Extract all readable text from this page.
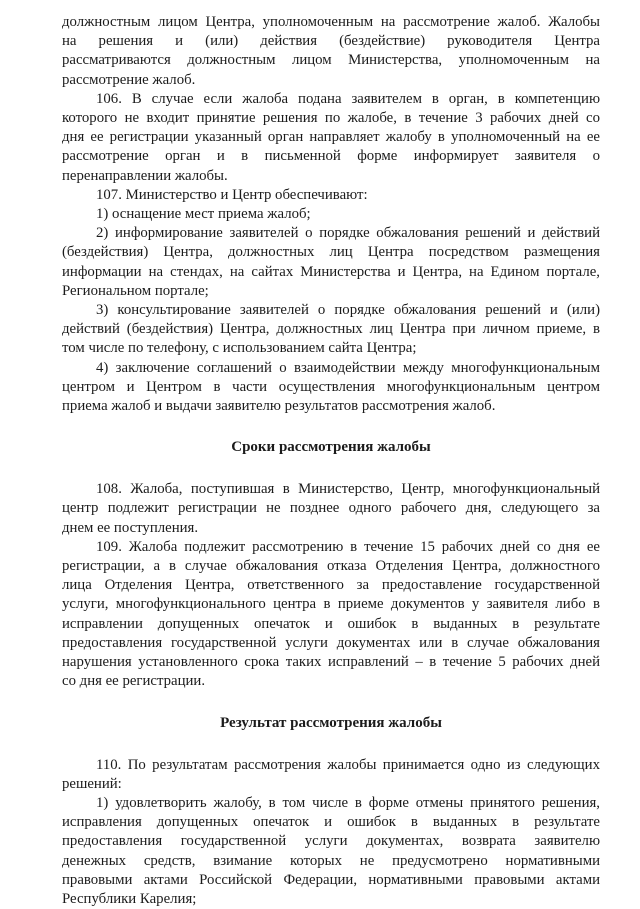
должностным лицом Центра, уполномоченным на рассмотрение жалоб. Жалобы
на решения и (или) действия (бездействие) руководителя Центра
рассматриваются должностным лицом Министерства, уполномоченным на
рассмотрение жалоб.
106. В случае если жалоба подана заявителем в орган, в компетенцию
которого не входит принятие решения по жалобе, в течение 3 рабочих дней со
дня ее регистрации указанный орган направляет жалобу в уполномоченный на ее
рассмотрение орган и в письменной форме информирует заявителя о
перенаправлении жалобы.
107. Министерство и Центр обеспечивают:
1) оснащение мест приема жалоб;
2) информирование заявителей о порядке обжалования решений и действий
(бездействия) Центра, должностных лиц Центра посредством размещения
информации на стендах, на сайтах Министерства и Центра, на Едином портале,
Региональном портале;
3) консультирование заявителей о порядке обжалования решений и (или)
действий (бездействия) Центра, должностных лиц Центра при личном приеме, в
том числе по телефону, с использованием сайта Центра;
4) заключение соглашений о взаимодействии между многофункциональным
центром и Центром в части осуществления многофункциональным центром
приема жалоб и выдачи заявителю результатов рассмотрения жалоб.
Сроки рассмотрения жалобы
108. Жалоба, поступившая в Министерство, Центр, многофункциональный
центр подлежит регистрации не позднее одного рабочего дня, следующего за
днем ее поступления.
109. Жалоба подлежит рассмотрению в течение 15 рабочих дней со дня ее
регистрации, а в случае обжалования отказа Отделения Центра, должностного
лица Отделения Центра, ответственного за предоставление государственной
услуги, многофункционального центра в приеме документов у заявителя либо в
исправлении допущенных опечаток и ошибок в выданных в результате
предоставления государственной услуги документах или в случае обжалования
нарушения установленного срока таких исправлений – в течение 5 рабочих дней
со дня ее регистрации.
Результат рассмотрения жалобы
110. По результатам рассмотрения жалобы принимается одно из следующих
решений:
1) удовлетворить жалобу, в том числе в форме отмены принятого решения,
исправления допущенных опечаток и ошибок в выданных в результате
предоставления государственной услуги документах, возврата заявителю
денежных средств, взимание которых не предусмотрено нормативными
правовыми актами Российской Федерации, нормативными правовыми актами
Республики Карелия;
